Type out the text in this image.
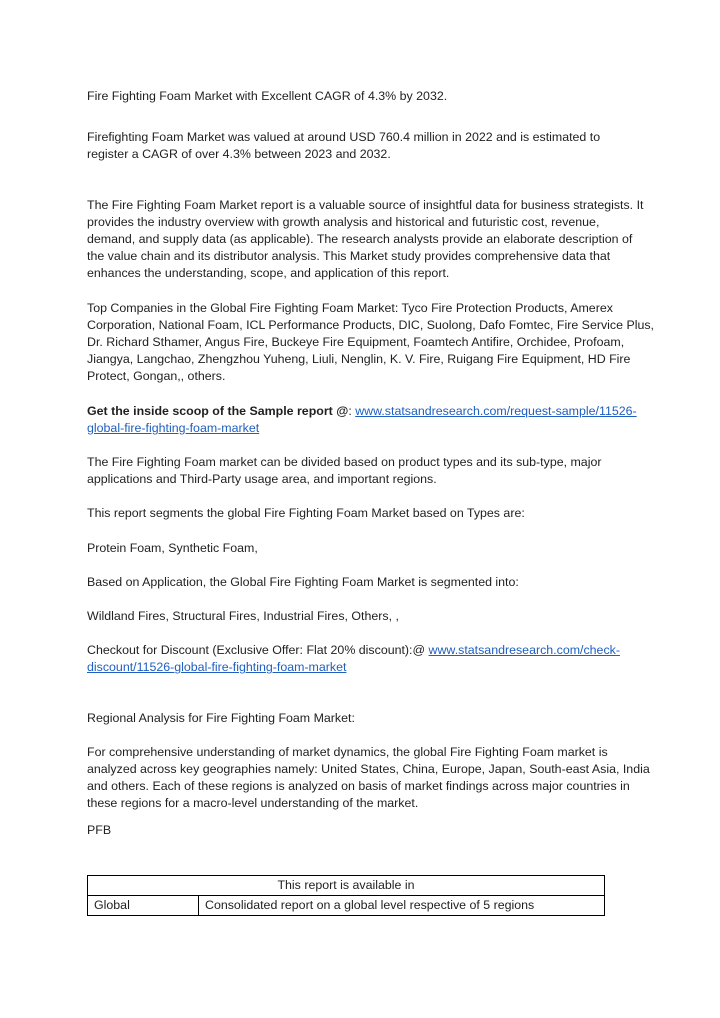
Fire Fighting Foam Market with Excellent CAGR of 4.3% by 2032.

Firefighting Foam Market was valued at around USD 760.4 million in 2022 and is estimated to
register a CAGR of over 4.3% between 2023 and 2032.

The Fire Fighting Foam Market report is a valuable source of insightful data for business strategists. It
provides the industry overview with growth analysis and historical and futuristic cost, revenue,
demand, and supply data (as applicable). The research analysts provide an elaborate description of
the value chain and its distributor analysis. This Market study provides comprehensive data that
enhances the understanding, scope, and application of this report.

Top Companies in the Global Fire Fighting Foam Market: Tyco Fire Protection Products, Amerex
Corporation, National Foam, ICL Performance Products, DIC, Suolong, Dafo Fomtec, Fire Service Plus,
Dr. Richard Sthamer, Angus Fire, Buckeye Fire Equipment, Foamtech Antifire, Orchidee, Profoam,
Jiangya, Langchao, Zhengzhou Yuheng, Liuli, Nenglin, K. V. Fire, Ruigang Fire Equipment, HD Fire
Protect, Gongan,, others.

Get the inside scoop of the Sample report @: www.statsandresearch.com/request-sample/11526-
global-fire-fighting-foam-market

The Fire Fighting Foam market can be divided based on product types and its sub-type, major
applications and Third-Party usage area, and important regions.

This report segments the global Fire Fighting Foam Market based on Types are:

Protein Foam, Synthetic Foam,

Based on Application, the Global Fire Fighting Foam Market is segmented into:

Wildland Fires, Structural Fires, Industrial Fires, Others, ,

Checkout for Discount (Exclusive Offer: Flat 20% discount):@ www.statsandresearch.com/check-
discount/11526-global-fire-fighting-foam-market

Regional Analysis for Fire Fighting Foam Market:

For comprehensive understanding of market dynamics, the global Fire Fighting Foam market is
analyzed across key geographies namely: United States, China, Europe, Japan, South-east Asia, India
and others. Each of these regions is analyzed on basis of market findings across major countries in
these regions for a macro-level understanding of the market.

PFB

This report is available in
Global	Consolidated report on a global level respective of 5 regions
